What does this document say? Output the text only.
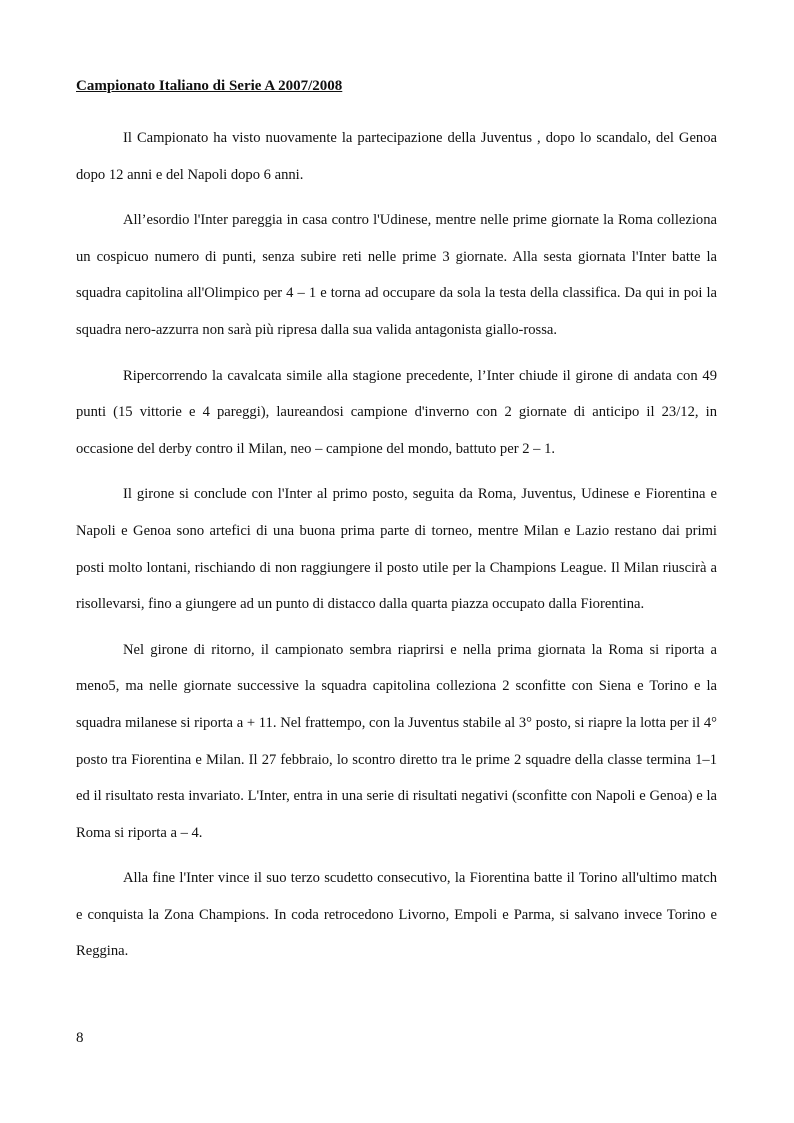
Campionato Italiano di Serie A 2007/2008

Il Campionato ha visto nuovamente la partecipazione della Juventus , dopo lo scandalo, del Genoa dopo 12 anni e del Napoli dopo 6 anni.

All’esordio l'Inter pareggia in casa contro l'Udinese, mentre nelle prime giornate la Roma colleziona un cospicuo numero di punti, senza subire reti nelle prime 3 giornate. Alla sesta giornata l'Inter batte la squadra capitolina all'Olimpico per 4 – 1 e torna ad occupare da sola la testa della classifica. Da qui in poi la squadra nero-azzurra non sarà più ripresa dalla sua valida antagonista giallo-rossa.

Ripercorrendo la cavalcata simile alla stagione precedente, l’Inter chiude il girone di andata con 49 punti (15 vittorie e 4 pareggi), laureandosi campione d'inverno con 2 giornate di anticipo il 23/12, in occasione del derby contro il Milan, neo – campione del mondo, battuto per 2 – 1.

Il girone si conclude con l'Inter al primo posto, seguita da Roma, Juventus, Udinese e Fiorentina e Napoli e Genoa sono artefici di una buona prima parte di torneo, mentre Milan e Lazio restano dai primi posti molto lontani, rischiando di non raggiungere il posto utile per la Champions League. Il Milan riuscirà a risollevarsi, fino a giungere ad un punto di distacco dalla quarta piazza occupato dalla Fiorentina.

Nel girone di ritorno, il campionato sembra riaprirsi e nella prima giornata la Roma si riporta a meno5, ma nelle giornate successive la squadra capitolina colleziona 2 sconfitte con Siena e Torino e la squadra milanese si riporta a + 11. Nel frattempo, con la Juventus stabile al 3° posto, si riapre la lotta per il 4° posto tra Fiorentina e Milan. Il 27 febbraio, lo scontro diretto tra le prime 2 squadre della classe termina 1–1 ed il risultato resta invariato. L'Inter, entra in una serie di risultati negativi (sconfitte con Napoli e Genoa) e la Roma si riporta a – 4.

Alla fine l'Inter vince il suo terzo scudetto consecutivo, la Fiorentina batte il Torino all'ultimo match e conquista la Zona Champions. In coda retrocedono Livorno, Empoli e Parma, si salvano invece Torino e Reggina.

8
